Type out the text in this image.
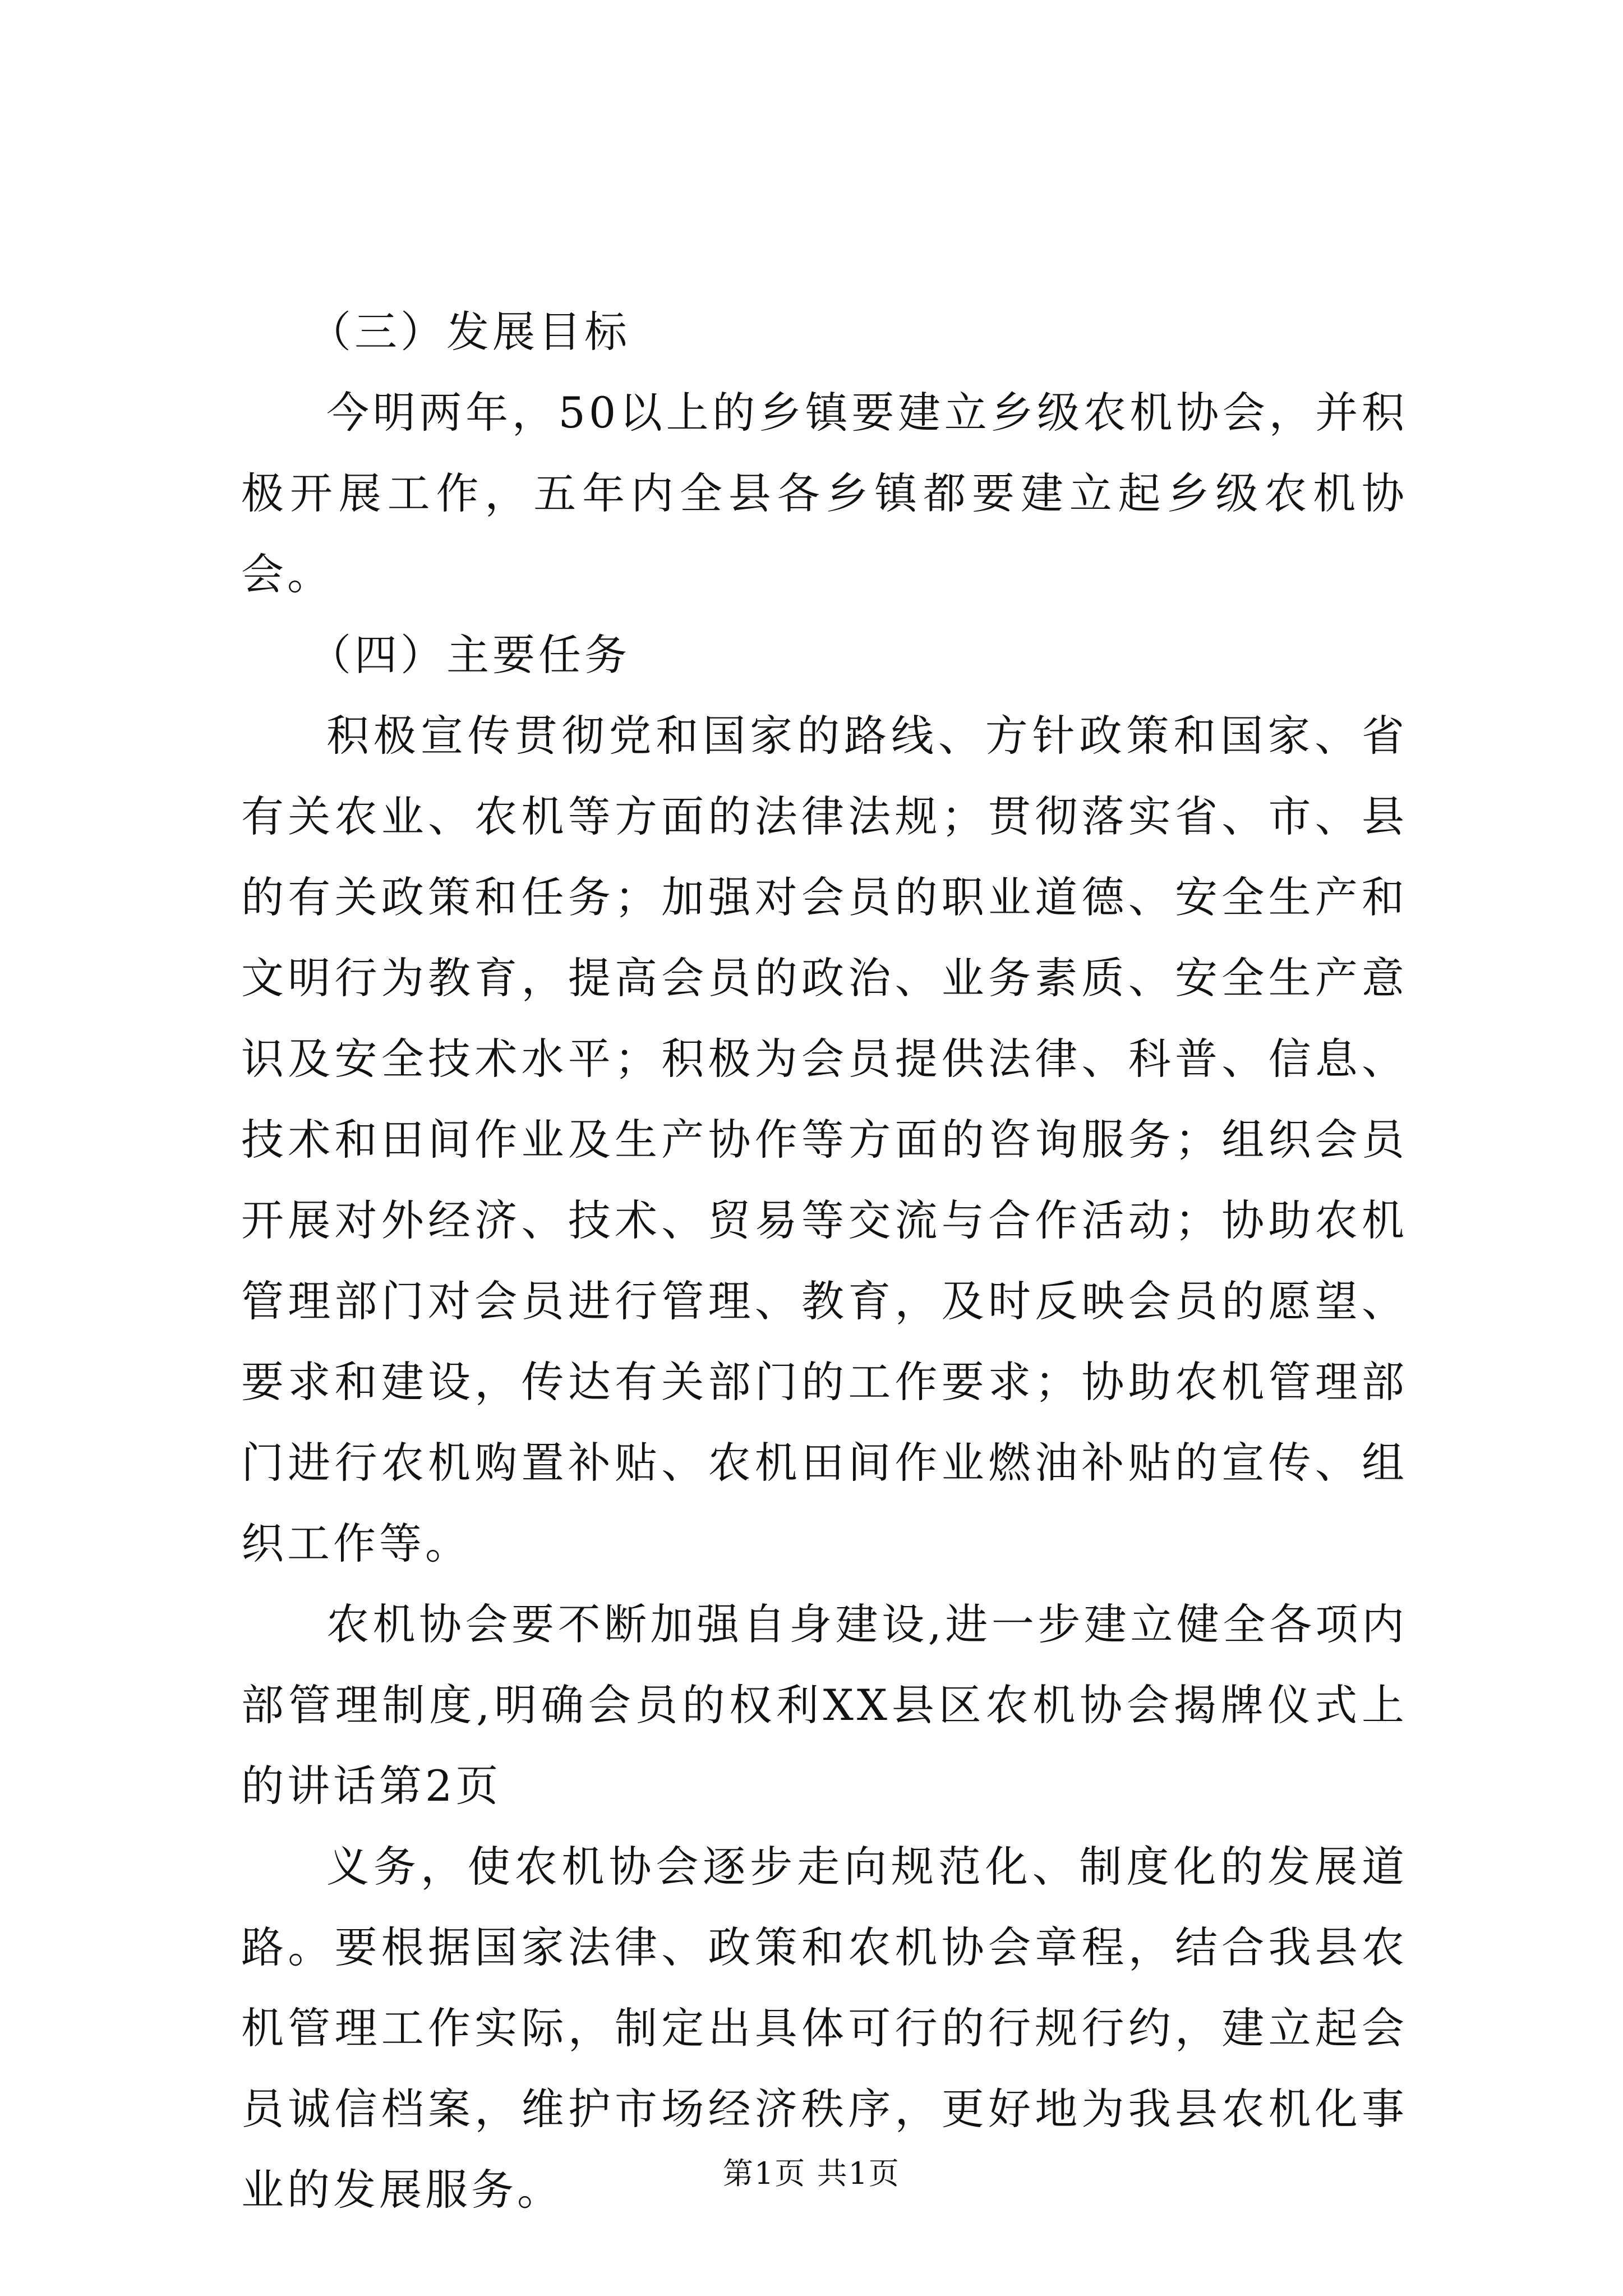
（三）发展目标

今明两年，50以上的乡镇要建立乡级农机协会，并积极开展工作，五年内全县各乡镇都要建立起乡级农机协会。

（四）主要任务

积极宣传贯彻党和国家的路线、方针政策和国家、省有关农业、农机等方面的法律法规；贯彻落实省、市、县的有关政策和任务；加强对会员的职业道德、安全生产和文明行为教育，提高会员的政治、业务素质、安全生产意识及安全技术水平；积极为会员提供法律、科普、信息、技术和田间作业及生产协作等方面的咨询服务；组织会员开展对外经济、技术、贸易等交流与合作活动；协助农机管理部门对会员进行管理、教育，及时反映会员的愿望、要求和建设，传达有关部门的工作要求；协助农机管理部门进行农机购置补贴、农机田间作业燃油补贴的宣传、组织工作等。

农机协会要不断加强自身建设,进一步建立健全各项内部管理制度,明确会员的权利XX县区农机协会揭牌仪式上的讲话第2页

义务，使农机协会逐步走向规范化、制度化的发展道路。要根据国家法律、政策和农机协会章程，结合我县农机管理工作实际，制定出具体可行的行规行约，建立起会员诚信档案，维护市场经济秩序，更好地为我县农机化事业的发展服务。	第1页 共1页
